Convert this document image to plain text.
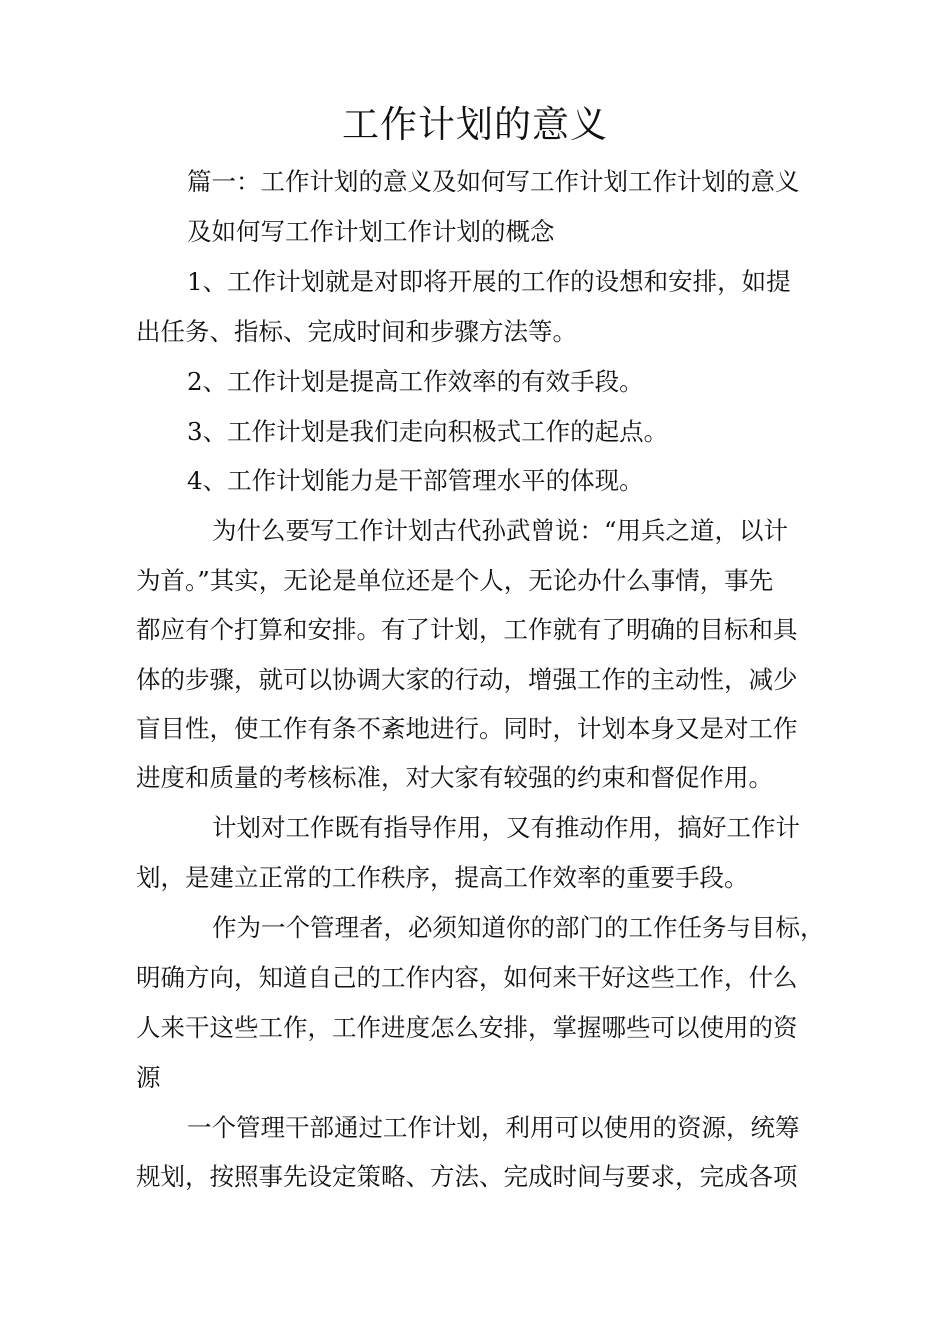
工作计划的意义
篇一：工作计划的意义及如何写工作计划工作计划的意义
及如何写工作计划工作计划的概念
1、工作计划就是对即将开展的工作的设想和安排，如提
出任务、指标、完成时间和步骤方法等。
2、工作计划是提高工作效率的有效手段。
3、工作计划是我们走向积极式工作的起点。
4、工作计划能力是干部管理水平的体现。
为什么要写工作计划古代孙武曾说：“用兵之道，以计
为首。”其实，无论是单位还是个人，无论办什么事情，事先
都应有个打算和安排。有了计划，工作就有了明确的目标和具
体的步骤，就可以协调大家的行动，增强工作的主动性，减少
盲目性，使工作有条不紊地进行。同时，计划本身又是对工作
进度和质量的考核标准，对大家有较强的约束和督促作用。
计划对工作既有指导作用，又有推动作用，搞好工作计
划，是建立正常的工作秩序，提高工作效率的重要手段。
作为一个管理者，必须知道你的部门的工作任务与目标，
明确方向，知道自己的工作内容，如何来干好这些工作，什么
人来干这些工作，工作进度怎么安排，掌握哪些可以使用的资
源
一个管理干部通过工作计划，利用可以使用的资源，统筹
规划，按照事先设定策略、方法、完成时间与要求，完成各项
